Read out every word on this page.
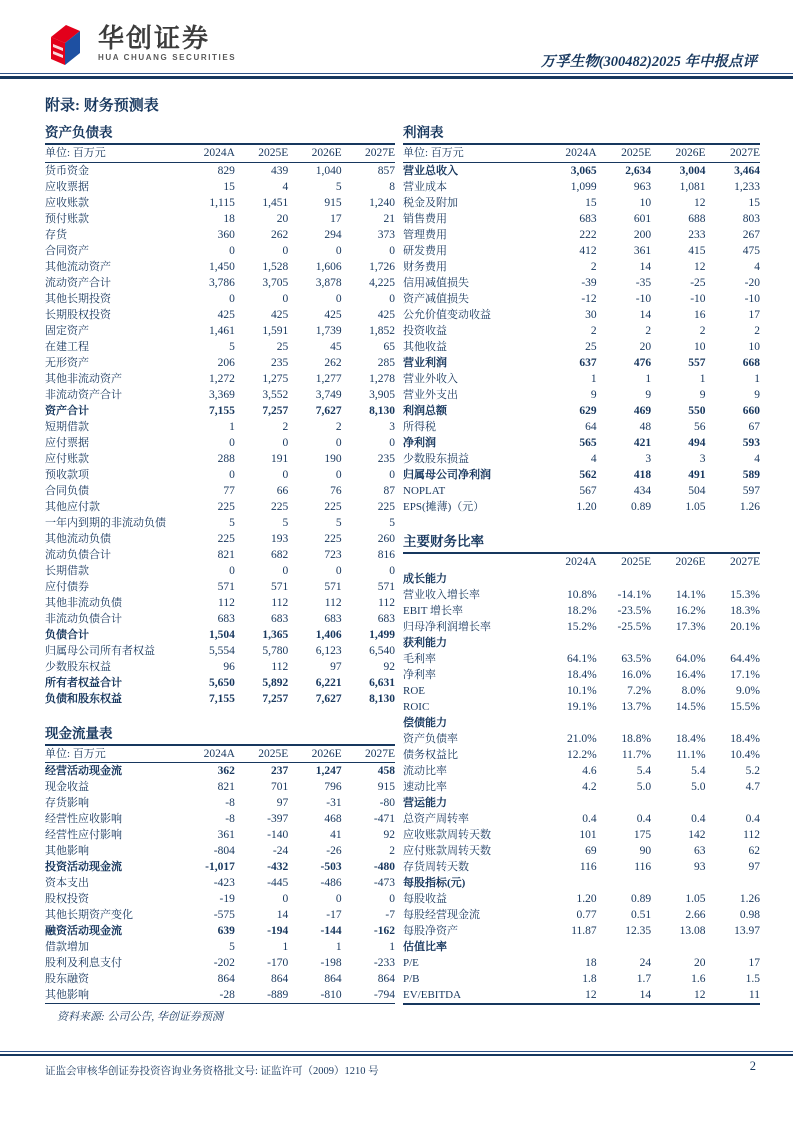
华创证券
HUA CHUANG SECURITIES	万孚生物(300482)2025 年中报点评
附录: 财务预测表
资产负债表
单位: 百万元	2024A	2025E	2026E	2027E
货币资金	829	439	1,040	857
应收票据	15	4	5	8
应收账款	1,115	1,451	915	1,240
预付账款	18	20	17	21
存货	360	262	294	373
合同资产	0	0	0	0
其他流动资产	1,450	1,528	1,606	1,726
流动资产合计	3,786	3,705	3,878	4,225
其他长期投资	0	0	0	0
长期股权投资	425	425	425	425
固定资产	1,461	1,591	1,739	1,852
在建工程	5	25	45	65
无形资产	206	235	262	285
其他非流动资产	1,272	1,275	1,277	1,278
非流动资产合计	3,369	3,552	3,749	3,905
资产合计	7,155	7,257	7,627	8,130
短期借款	1	2	2	3
应付票据	0	0	0	0
应付账款	288	191	190	235
预收款项	0	0	0	0
合同负债	77	66	76	87
其他应付款	225	225	225	225
一年内到期的非流动负债	5	5	5	5
其他流动负债	225	193	225	260
流动负债合计	821	682	723	816
长期借款	0	0	0	0
应付债券	571	571	571	571
其他非流动负债	112	112	112	112
非流动负债合计	683	683	683	683
负债合计	1,504	1,365	1,406	1,499
归属母公司所有者权益	5,554	5,780	6,123	6,540
少数股东权益	96	112	97	92
所有者权益合计	5,650	5,892	6,221	6,631
负债和股东权益	7,155	7,257	7,627	8,130
现金流量表
单位: 百万元	2024A	2025E	2026E	2027E
经营活动现金流	362	237	1,247	458
现金收益	821	701	796	915
存货影响	-8	97	-31	-80
经营性应收影响	-8	-397	468	-471
经营性应付影响	361	-140	41	92
其他影响	-804	-24	-26	2
投资活动现金流	-1,017	-432	-503	-480
资本支出	-423	-445	-486	-473
股权投资	-19	0	0	0
其他长期资产变化	-575	14	-17	-7
融资活动现金流	639	-194	-144	-162
借款增加	5	1	1	1
股利及利息支付	-202	-170	-198	-233
股东融资	864	864	864	864
其他影响	-28	-889	-810	-794
资料来源: 公司公告, 华创证券预测
利润表
单位: 百万元	2024A	2025E	2026E	2027E
营业总收入	3,065	2,634	3,004	3,464
营业成本	1,099	963	1,081	1,233
税金及附加	15	10	12	15
销售费用	683	601	688	803
管理费用	222	200	233	267
研发费用	412	361	415	475
财务费用	2	14	12	4
信用减值损失	-39	-35	-25	-20
资产减值损失	-12	-10	-10	-10
公允价值变动收益	30	14	16	17
投资收益	2	2	2	2
其他收益	25	20	10	10
营业利润	637	476	557	668
营业外收入	1	1	1	1
营业外支出	9	9	9	9
利润总额	629	469	550	660
所得税	64	48	56	67
净利润	565	421	494	593
少数股东损益	4	3	3	4
归属母公司净利润	562	418	491	589
NOPLAT	567	434	504	597
EPS(摊薄)（元）	1.20	0.89	1.05	1.26
主要财务比率
	2024A	2025E	2026E	2027E
成长能力				
营业收入增长率	10.8%	-14.1%	14.1%	15.3%
EBIT 增长率	18.2%	-23.5%	16.2%	18.3%
归母净利润增长率	15.2%	-25.5%	17.3%	20.1%
获利能力				
毛利率	64.1%	63.5%	64.0%	64.4%
净利率	18.4%	16.0%	16.4%	17.1%
ROE	10.1%	7.2%	8.0%	9.0%
ROIC	19.1%	13.7%	14.5%	15.5%
偿债能力				
资产负债率	21.0%	18.8%	18.4%	18.4%
债务权益比	12.2%	11.7%	11.1%	10.4%
流动比率	4.6	5.4	5.4	5.2
速动比率	4.2	5.0	5.0	4.7
营运能力				
总资产周转率	0.4	0.4	0.4	0.4
应收账款周转天数	101	175	142	112
应付账款周转天数	69	90	63	62
存货周转天数	116	116	93	97
每股指标(元)				
每股收益	1.20	0.89	1.05	1.26
每股经营现金流	0.77	0.51	2.66	0.98
每股净资产	11.87	12.35	13.08	13.97
估值比率				
P/E	18	24	20	17
P/B	1.8	1.7	1.6	1.5
EV/EBITDA	12	14	12	11
证监会审核华创证券投资咨询业务资格批文号: 证监许可（2009）1210 号	2
